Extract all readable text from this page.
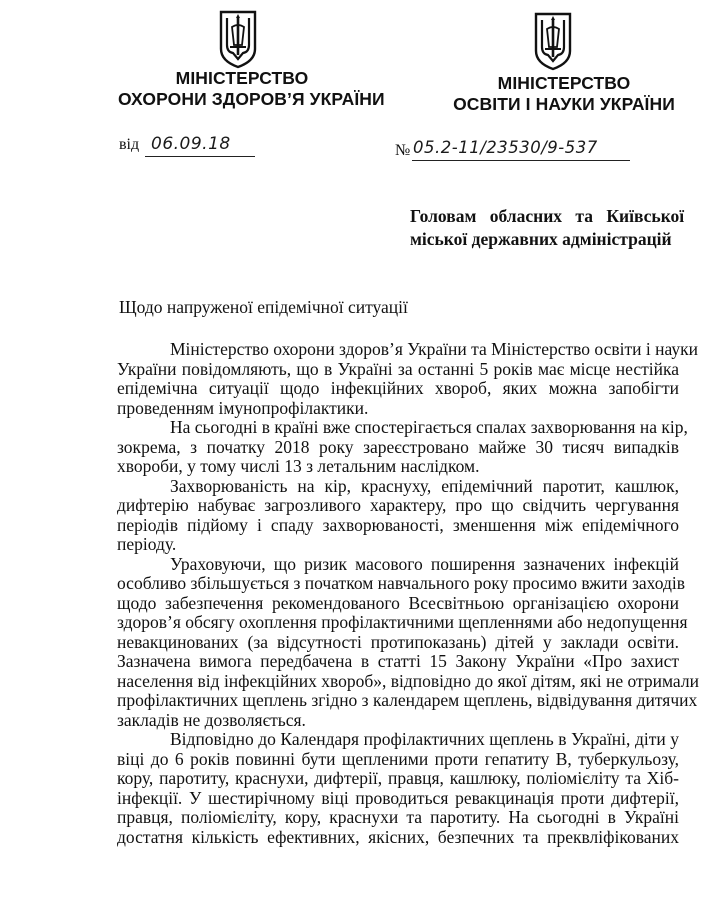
МІНІСТЕРСТВО
ОХОРОНИ ЗДОРОВ’Я УКРАЇНИ
МІНІСТЕРСТВО
ОСВІТИ І НАУКИ УКРАЇНИ
від 06.09.18	№ 05.2-11/23530/9-537
Головам обласних та Київської
міської державних адміністрацій
Щодо напруженої епідемічної ситуації
Міністерство охорони здоров’я України та Міністерство освіти і науки
України повідомляють, що в Україні за останні 5 років має місце нестійка
епідемічна ситуації щодо інфекційних хвороб, яких можна запобігти
проведенням імунопрофілактики.
На сьогодні в країні вже спостерігається спалах захворювання на кір,
зокрема, з початку 2018 року зареєстровано майже 30 тисяч випадків
хвороби, у тому числі 13 з летальним наслідком.
Захворюваність на кір, краснуху, епідемічний паротит, кашлюк,
дифтерію набуває загрозливого характеру, про що свідчить чергування
періодів підйому і спаду захворюваності, зменшення між епідемічного
періоду.
Ураховуючи, що ризик масового поширення зазначених інфекцій
особливо збільшується з початком навчального року просимо вжити заходів
щодо забезпечення рекомендованого Всесвітньою організацією охорони
здоров’я обсягу охоплення профілактичними щепленнями або недопущення
невакцинованих (за відсутності протипоказань) дітей у заклади освіти.
Зазначена вимога передбачена в статті 15 Закону України «Про захист
населення від інфекційних хвороб», відповідно до якої дітям, які не отримали
профілактичних щеплень згідно з календарем щеплень, відвідування дитячих
закладів не дозволяється.
Відповідно до Календаря профілактичних щеплень в Україні, діти у
віці до 6 років повинні бути щепленими проти гепатиту В, туберкульозу,
кору, паротиту, краснухи, дифтерії, правця, кашлюку, поліомієліту та Хіб-
інфекції. У шестирічному віці проводиться ревакцинація проти дифтерії,
правця, поліомієліту, кору, краснухи та паротиту. На сьогодні в Україні
достатня кількість ефективних, якісних, безпечних та преквліфікованих
